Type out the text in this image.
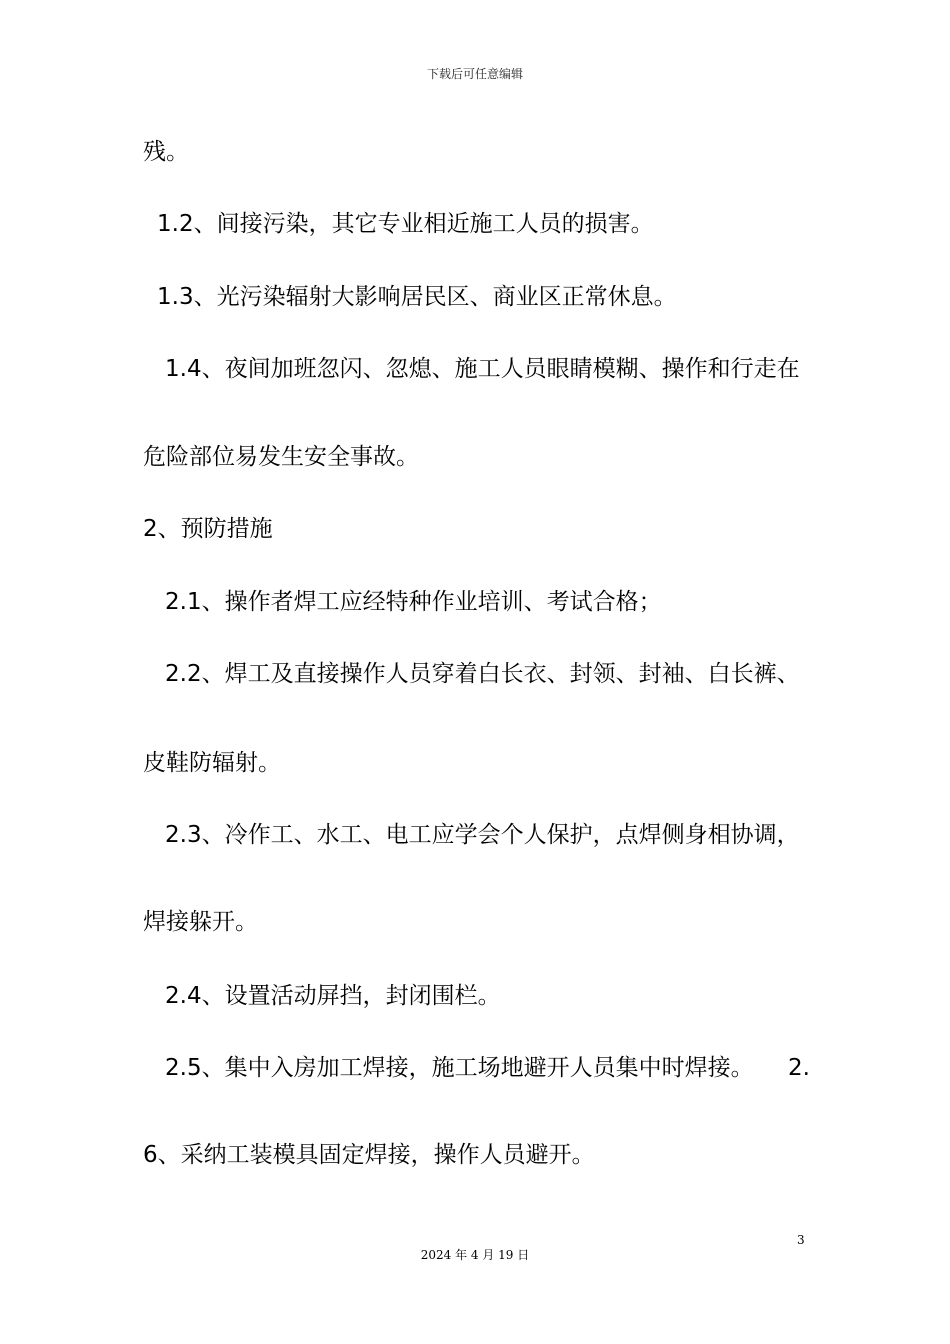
下载后可任意编辑
残。
1.2、间接污染，其它专业相近施工人员的损害。
1.3、光污染辐射大影响居民区、商业区正常休息。
1.4、夜间加班忽闪、忽熄、施工人员眼睛模糊、操作和行走在
危险部位易发生安全事故。
2、预防措施
2.1、操作者焊工应经特种作业培训、考试合格；
2.2、焊工及直接操作人员穿着白长衣、封领、封袖、白长裤、
皮鞋防辐射。
2.3、冷作工、水工、电工应学会个人保护，点焊侧身相协调，
焊接躲开。
2.4、设置活动屏挡，封闭围栏。
2.5、集中入房加工焊接，施工场地避开人员集中时焊接。 2.
6、采纳工装模具固定焊接，操作人员避开。
3
2024 年 4 月 19 日
